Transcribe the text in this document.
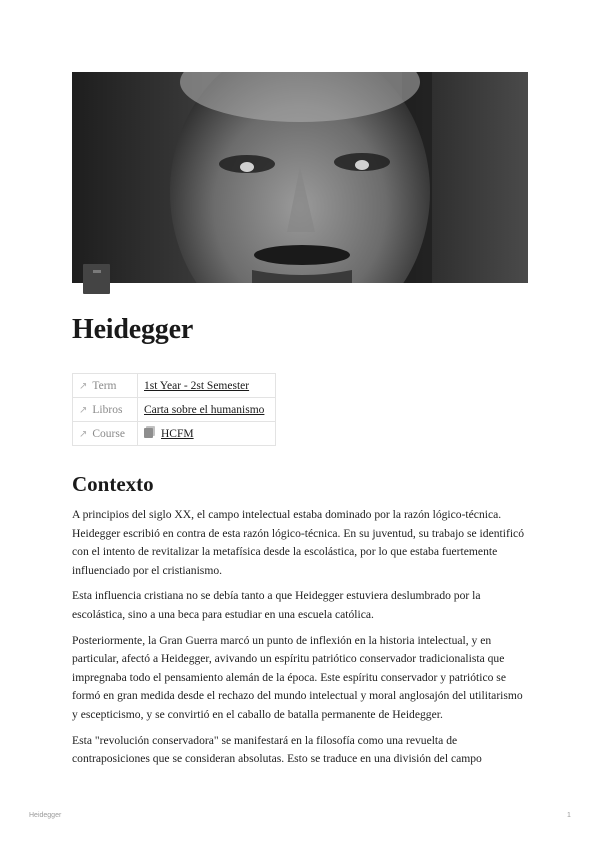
Heidegger
↗ Term	1st Year - 2st Semester
↗ Libros	Carta sobre el humanismo
↗ Course	HCFM
Contexto

A principios del siglo XX, el campo intelectual estaba dominado por la razón lógico-técnica. Heidegger escribió en contra de esta razón lógico-técnica. En su juventud, su trabajo se identificó con el intento de revitalizar la metafísica desde la escolástica, por lo que estaba fuertemente influenciado por el cristianismo.

Esta influencia cristiana no se debía tanto a que Heidegger estuviera deslumbrado por la escolástica, sino a una beca para estudiar en una escuela católica.

Posteriormente, la Gran Guerra marcó un punto de inflexión en la historia intelectual, y en particular, afectó a Heidegger, avivando un espíritu patriótico conservador tradicionalista que impregnaba todo el pensamiento alemán de la época. Este espíritu conservador y patriótico se formó en gran medida desde el rechazo del mundo intelectual y moral anglosajón del utilitarismo y escepticismo, y se convirtió en el caballo de batalla permanente de Heidegger.

Esta "revolución conservadora" se manifestará en la filosofía como una revuelta de contraposiciones que se consideran absolutas. Esto se traduce en una división del campo

Heidegger	1
